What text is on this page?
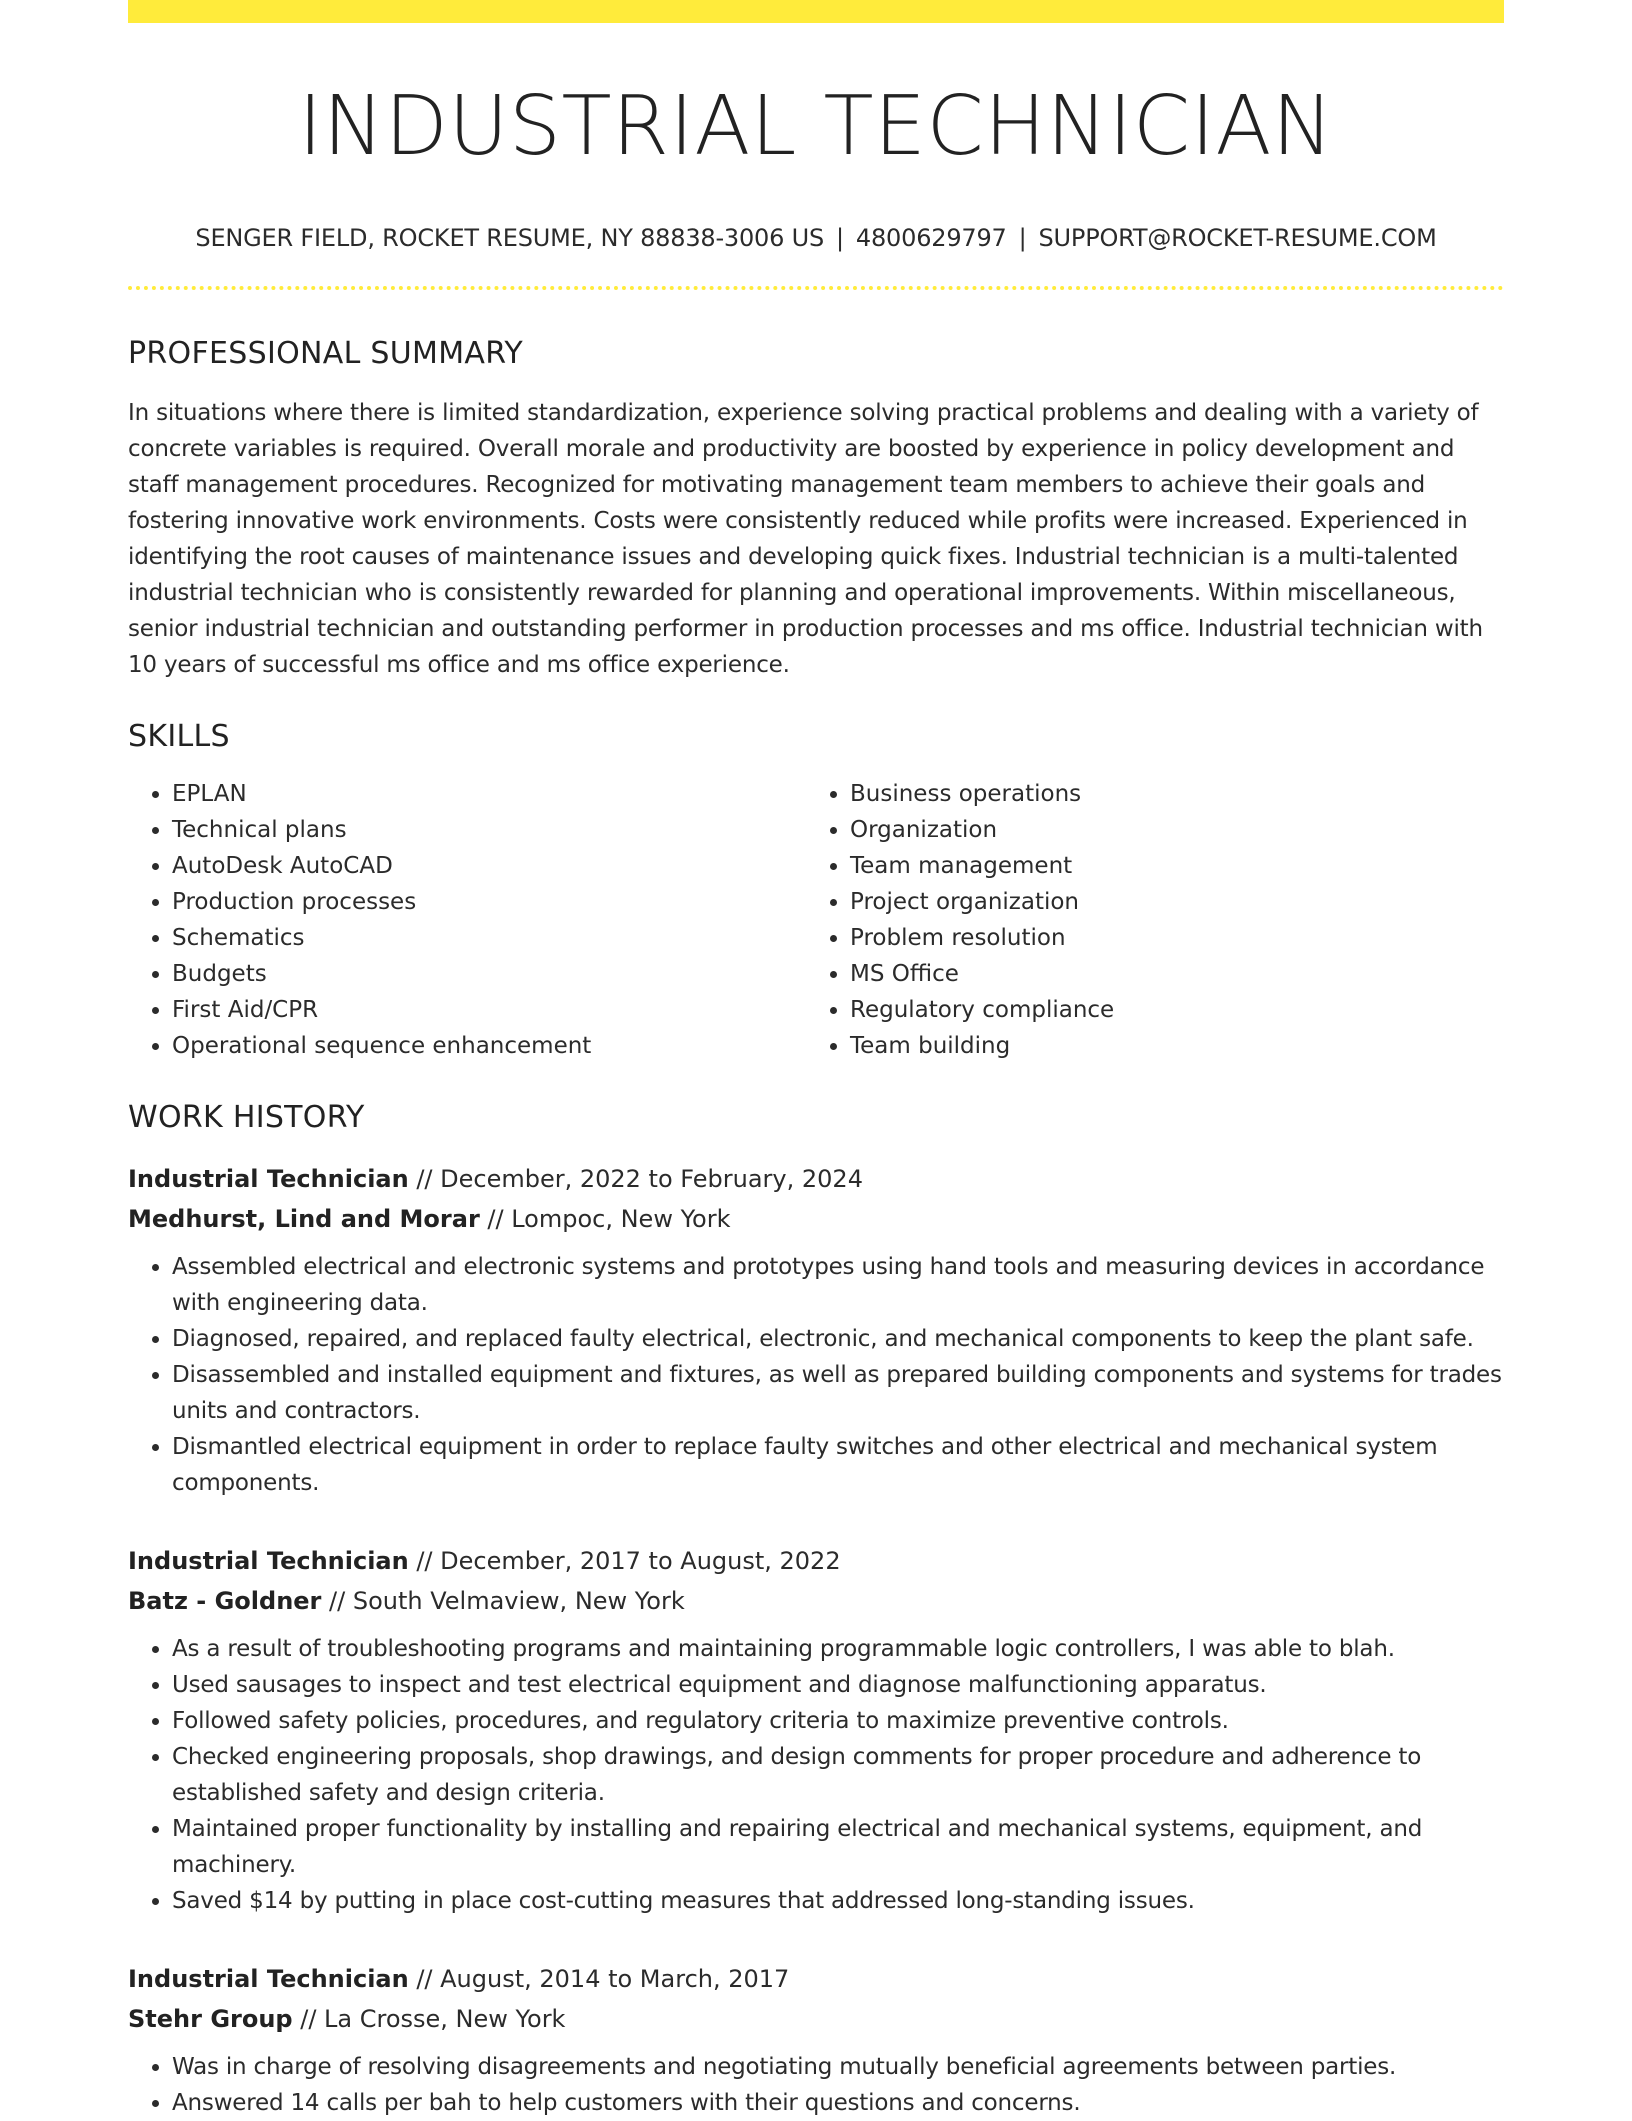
INDUSTRIAL TECHNICIAN
SENGER FIELD, ROCKET RESUME, NY 88838-3006 US | 4800629797 | SUPPORT@ROCKET-RESUME.COM
PROFESSIONAL SUMMARY

In situations where there is limited standardization, experience solving practical problems and dealing with a variety of concrete variables is required. Overall morale and productivity are boosted by experience in policy development and staff management procedures. Recognized for motivating management team members to achieve their goals and fostering innovative work environments. Costs were consistently reduced while profits were increased. Experienced in identifying the root causes of maintenance issues and developing quick fixes. Industrial technician is a multi-talented industrial technician who is consistently rewarded for planning and operational improvements. Within miscellaneous, senior industrial technician and outstanding performer in production processes and ms office. Industrial technician with 10 years of successful ms office and ms office experience.

SKILLS
• EPLAN
• Technical plans
• AutoDesk AutoCAD
• Production processes
• Schematics
• Budgets
• First Aid/CPR
• Operational sequence enhancement
• Business operations
• Organization
• Team management
• Project organization
• Problem resolution
• MS Office
• Regulatory compliance
• Team building
WORK HISTORY
Industrial Technician // December, 2022 to February, 2024
Medhurst, Lind and Morar // Lompoc, New York
• Assembled electrical and electronic systems and prototypes using hand tools and measuring devices in accordance with engineering data.
• Diagnosed, repaired, and replaced faulty electrical, electronic, and mechanical components to keep the plant safe.
• Disassembled and installed equipment and fixtures, as well as prepared building components and systems for trades units and contractors.
• Dismantled electrical equipment in order to replace faulty switches and other electrical and mechanical system components.
Industrial Technician // December, 2017 to August, 2022
Batz - Goldner // South Velmaview, New York
• As a result of troubleshooting programs and maintaining programmable logic controllers, I was able to blah.
• Used sausages to inspect and test electrical equipment and diagnose malfunctioning apparatus.
• Followed safety policies, procedures, and regulatory criteria to maximize preventive controls.
• Checked engineering proposals, shop drawings, and design comments for proper procedure and adherence to established safety and design criteria.
• Maintained proper functionality by installing and repairing electrical and mechanical systems, equipment, and machinery.
• Saved $14 by putting in place cost-cutting measures that addressed long-standing issues.
Industrial Technician // August, 2014 to March, 2017
Stehr Group // La Crosse, New York
• Was in charge of resolving disagreements and negotiating mutually beneficial agreements between parties.
• Answered 14 calls per bah to help customers with their questions and concerns.
